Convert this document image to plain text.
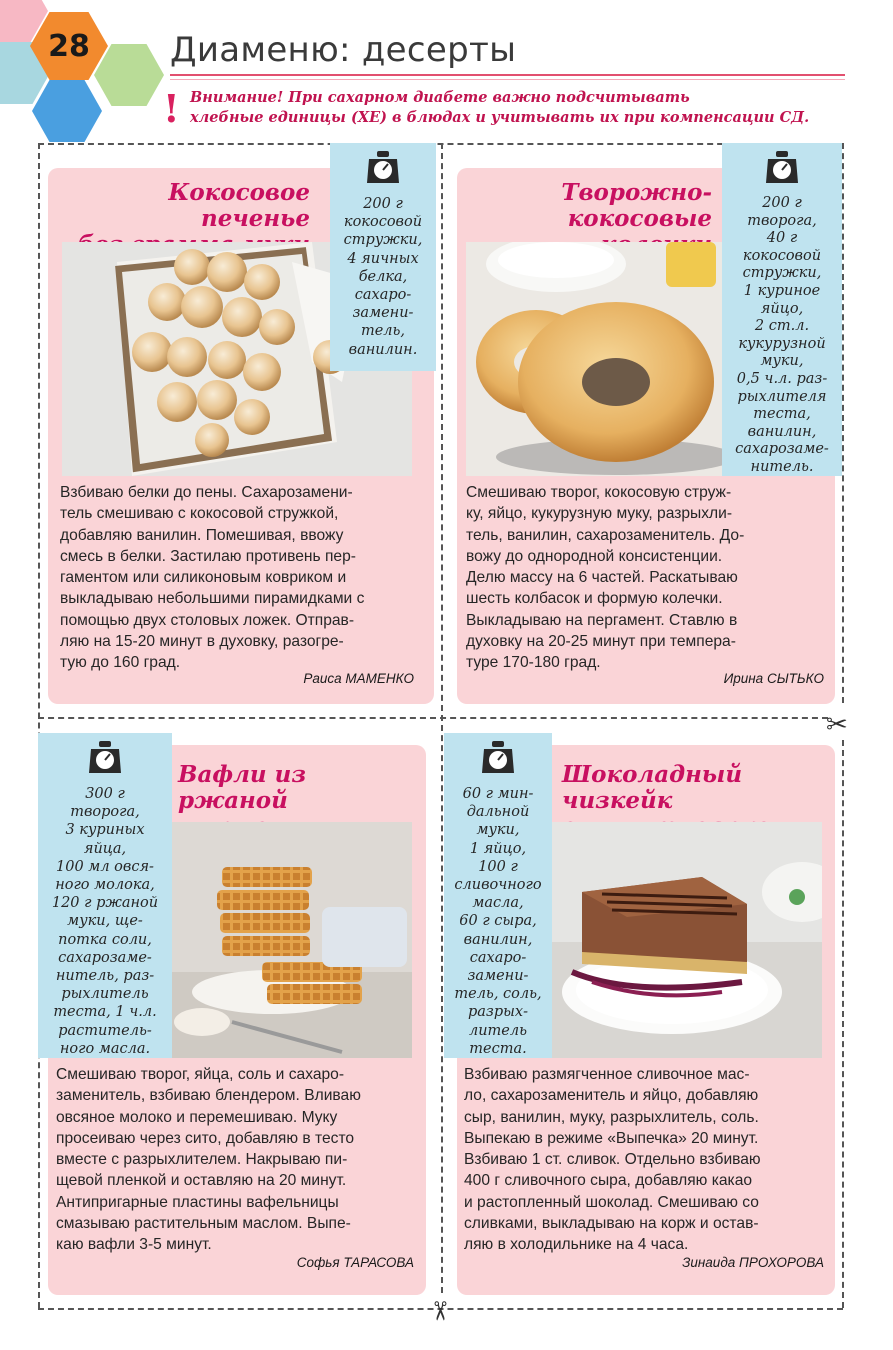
28	Диаменю: десерты
! Внимание! При сахарном диабете важно подсчитывать
хлебные единицы (ХЕ) в блюдах и учитывать их при компенсации СД.
✂
✂
Кокосовое печенье
200 г
кокосовой
стружки,
4 яичных
белка,
сахаро-
замени-
тель,
ванилин.
Взбиваю белки до пены. Сахарозамени-
тель смешиваю с кокосовой стружкой,
добавляю ванилин. Помешивая, ввожу
смесь в белки. Застилаю противень пер-
гаментом или силиконовым ковриком и
выкладываю небольшими пирамидками с
помощью двух столовых ложек. Отправ-
ляю на 15-20 минут в духовку, разогре-
тую до 160 град.
Раиса МАМЕНКО
Творожно-
кокосовые
200 г
творога,
40 г
кокосовой
стружки,
1 куриное
яйцо,
2 ст.л.
кукурузной
муки,
0,5 ч.л. раз-
рыхлителя
теста,
ванилин,
сахарозаме-
нитель.
Смешиваю творог, кокосовую струж-
ку, яйцо, кукурузную муку, разрыхли-
тель, ванилин, сахарозаменитель. До-
вожу до однородной консистенции.
Делю массу на 6 частей. Раскатываю
шесть колбасок и формую колечки.
Выкладываю на пергамент. Ставлю в
духовку на 20-25 минут при темпера-
туре 170-180 град.
Ирина СЫТЬКО
300 г
творога,
3 куриных
яйца,
100 мл овся-
ного молока,
120 г ржаной
муки, ще-
потка соли,
сахарозаме-
нитель, раз-
рыхлитель
теста, 1 ч.л.
раститель-
ного масла.
Вафли из ржаной
Смешиваю творог, яйца, соль и сахаро-
заменитель, взбиваю блендером. Вливаю
овсяное молоко и перемешиваю. Муку
просеиваю через сито, добавляю в тесто
вместе с разрыхлителем. Накрываю пи-
щевой пленкой и оставляю на 20 минут.
Антипригарные пластины вафельницы
смазываю растительным маслом. Выпе-
каю вафли 3-5 минут.
Софья ТАРАСОВА
60 г мин-
дальной
муки,
1 яйцо,
100 г
сливочного
масла,
60 г сыра,
ванилин,
сахаро-
замени-
тель, соль,
разрых-
литель
теста.
Шоколадный чизкейк
Взбиваю размягченное сливочное мас-
ло, сахарозаменитель и яйцо, добавляю
сыр, ванилин, муку, разрыхлитель, соль.
Выпекаю в режиме «Выпечка» 20 минут.
Взбиваю 1 ст. сливок. Отдельно взбиваю
400 г сливочного сыра, добавляю какао
и растопленный шоколад. Смешиваю со
сливками, выкладываю на корж и остав-
ляю в холодильнике на 4 часа.
Зинаида ПРОХОРОВА
